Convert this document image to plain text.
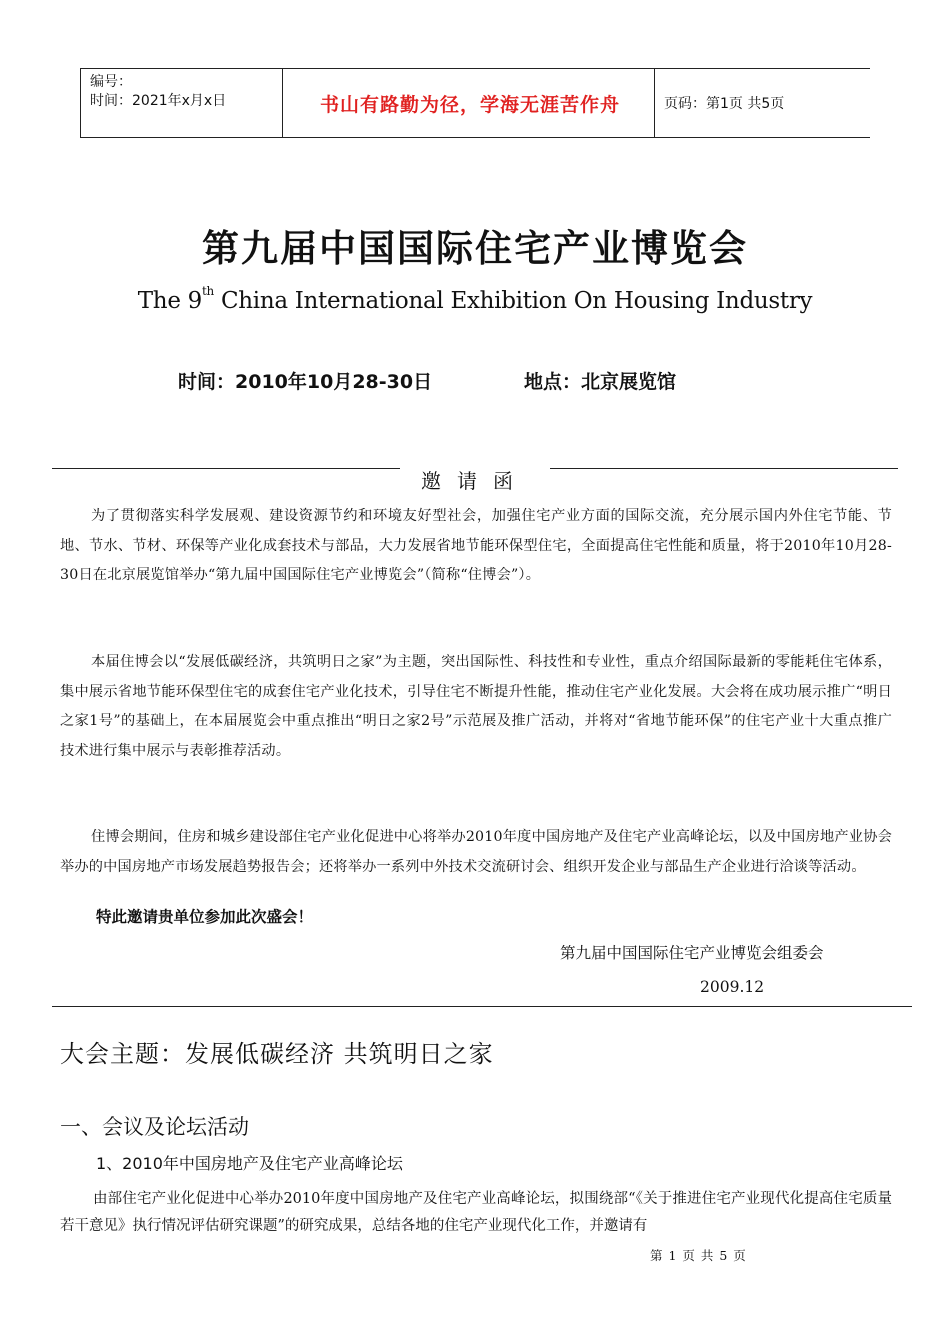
编号：
时间：2021年x月x日	书山有路勤为径，学海无涯苦作舟	页码：第1页 共5页
第九届中国国际住宅产业博览会
The 9th China International Exhibition On Housing Industry
时间：2010年10月28-30日	地点：北京展览馆
邀请函
为了贯彻落实科学发展观、建设资源节约和环境友好型社会，加强住宅产业方面的国际交流，充分展示国内外住宅节能、节地、节水、节材、环保等产业化成套技术与部品，大力发展省地节能环保型住宅，全面提高住宅性能和质量，将于2010年10月28-30日在北京展览馆举办“第九届中国国际住宅产业博览会”（简称“住博会”）。
本届住博会以“发展低碳经济，共筑明日之家”为主题，突出国际性、科技性和专业性，重点介绍国际最新的零能耗住宅体系，集中展示省地节能环保型住宅的成套住宅产业化技术，引导住宅不断提升性能，推动住宅产业化发展。大会将在成功展示推广“明日之家1号”的基础上，在本届展览会中重点推出“明日之家2号”示范展及推广活动，并将对“省地节能环保”的住宅产业十大重点推广技术进行集中展示与表彰推荐活动。
住博会期间，住房和城乡建设部住宅产业化促进中心将举办2010年度中国房地产及住宅产业高峰论坛，以及中国房地产业协会举办的中国房地产市场发展趋势报告会；还将举办一系列中外技术交流研讨会、组织开发企业与部品生产企业进行洽谈等活动。
特此邀请贵单位参加此次盛会！
第九届中国国际住宅产业博览会组委会
2009.12
大会主题：发展低碳经济 共筑明日之家
一、会议及论坛活动
1、2010年中国房地产及住宅产业高峰论坛
由部住宅产业化促进中心举办2010年度中国房地产及住宅产业高峰论坛，拟围绕部“《关于推进住宅产业现代化提高住宅质量若干意见》执行情况评估研究课题”的研究成果，总结各地的住宅产业现代化工作，并邀请有
第 1 页 共 5 页
